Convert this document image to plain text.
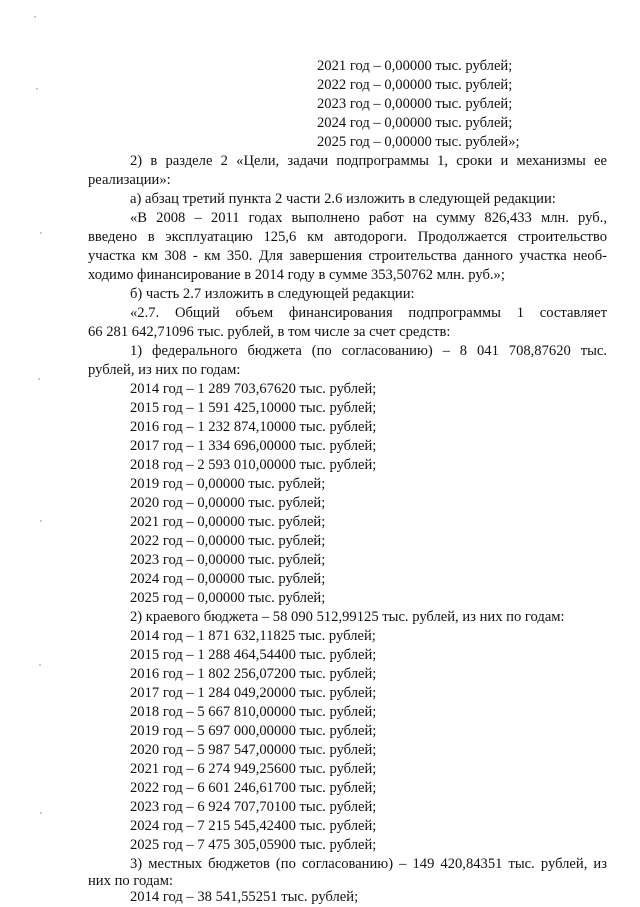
2021 год – 0,00000 тыс. рублей;
2022 год – 0,00000 тыс. рублей;
2023 год – 0,00000 тыс. рублей;
2024 год – 0,00000 тыс. рублей;
2025 год – 0,00000 тыс. рублей»;
2) в разделе 2 «Цели, задачи подпрограммы 1, сроки и механизмы ее
реализации»:
а) абзац третий пункта 2 части 2.6 изложить в следующей редакции:
«В 2008 – 2011 годах выполнено работ на сумму 826,433 млн. руб.,
введено в эксплуатацию 125,6 км автодороги. Продолжается строительство
участка км 308 - км 350. Для завершения строительства данного участка необ-
ходимо финансирование в 2014 году в сумме 353,50762 млн. руб.»;
б) часть 2.7 изложить в следующей редакции:
«2.7. Общий объем финансирования подпрограммы 1 составляет
66 281 642,71096 тыс. рублей, в том числе за счет средств:
1) федерального бюджета (по согласованию) – 8 041 708,87620 тыс.
рублей, из них по годам:
2014 год – 1 289 703,67620 тыс. рублей;
2015 год – 1 591 425,10000 тыс. рублей;
2016 год – 1 232 874,10000 тыс. рублей;
2017 год – 1 334 696,00000 тыс. рублей;
2018 год – 2 593 010,00000 тыс. рублей;
2019 год – 0,00000 тыс. рублей;
2020 год – 0,00000 тыс. рублей;
2021 год – 0,00000 тыс. рублей;
2022 год – 0,00000 тыс. рублей;
2023 год – 0,00000 тыс. рублей;
2024 год – 0,00000 тыс. рублей;
2025 год – 0,00000 тыс. рублей;
2) краевого бюджета – 58 090 512,99125 тыс. рублей, из них по годам:
2014 год – 1 871 632,11825 тыс. рублей;
2015 год – 1 288 464,54400 тыс. рублей;
2016 год – 1 802 256,07200 тыс. рублей;
2017 год – 1 284 049,20000 тыс. рублей;
2018 год – 5 667 810,00000 тыс. рублей;
2019 год – 5 697 000,00000 тыс. рублей;
2020 год – 5 987 547,00000 тыс. рублей;
2021 год – 6 274 949,25600 тыс. рублей;
2022 год – 6 601 246,61700 тыс. рублей;
2023 год – 6 924 707,70100 тыс. рублей;
2024 год – 7 215 545,42400 тыс. рублей;
2025 год – 7 475 305,05900 тыс. рублей;
3) местных бюджетов (по согласованию) – 149 420,84351 тыс. рублей, из
них по годам:
2014 год – 38 541,55251 тыс. рублей;
